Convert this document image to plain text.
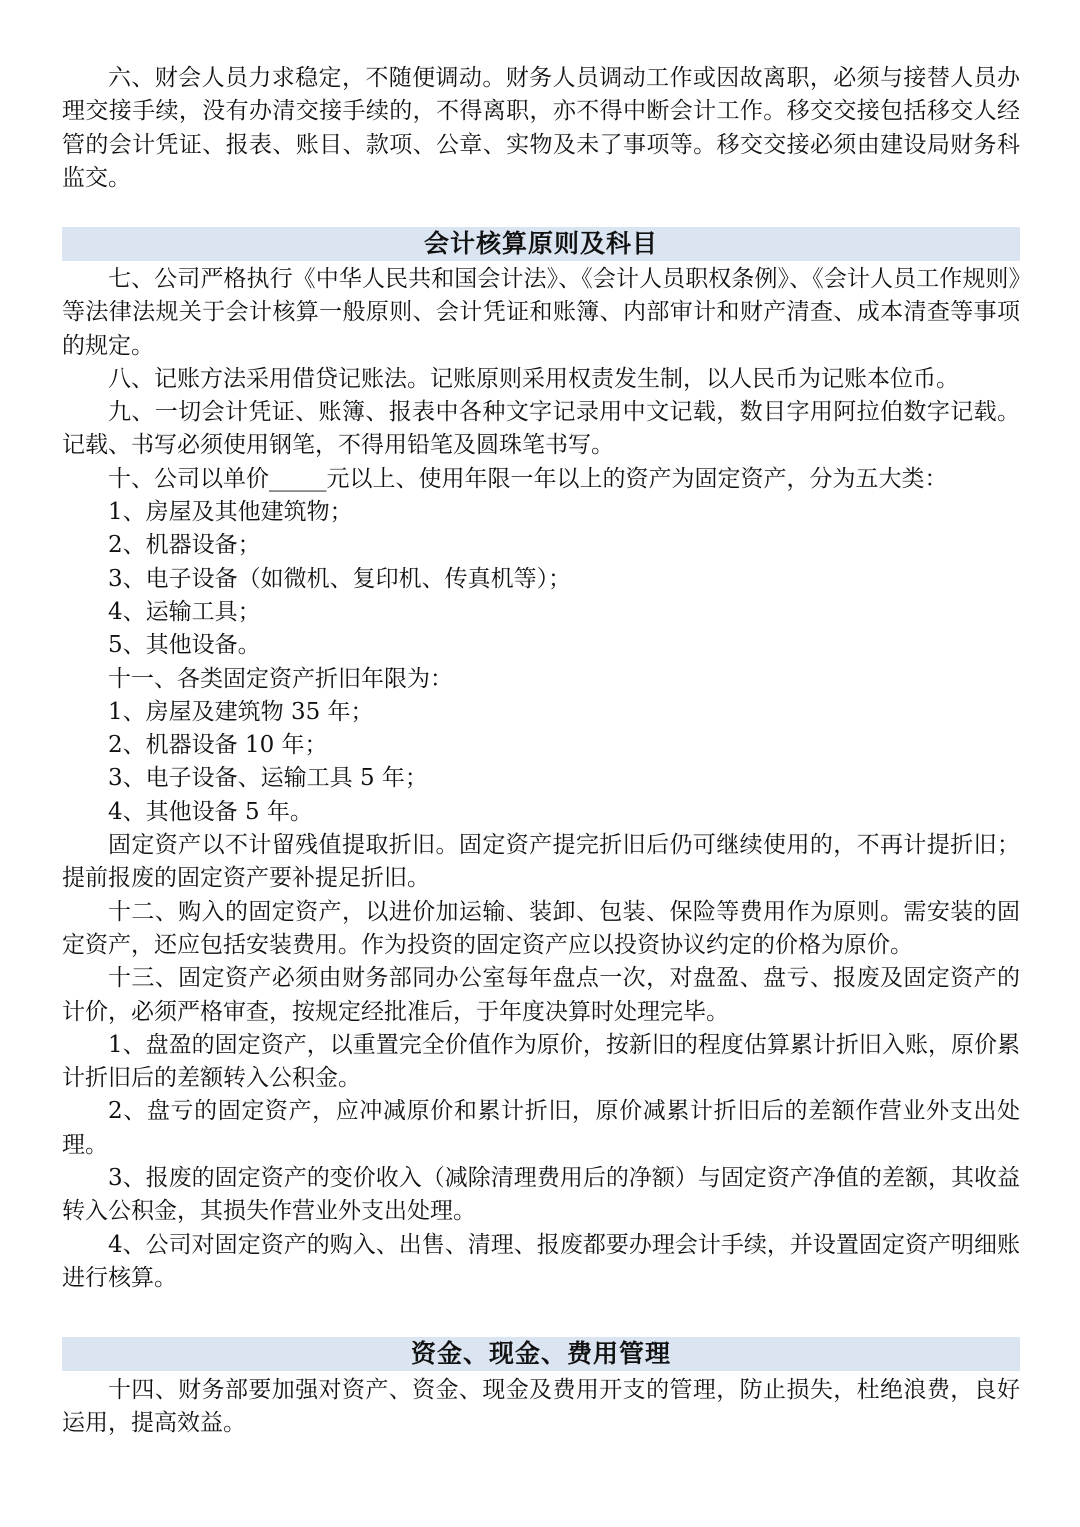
六、财会人员力求稳定，不随便调动。财务人员调动工作或因故离职，必须与接替人员办理交接手续，没有办清交接手续的，不得离职，亦不得中断会计工作。移交交接包括移交人经管的会计凭证、报表、账目、款项、公章、实物及未了事项等。移交交接必须由建设局财务科监交。

会计核算原则及科目

七、公司严格执行《中华人民共和国会计法》、《会计人员职权条例》、《会计人员工作规则》等法律法规关于会计核算一般原则、会计凭证和账簿、内部审计和财产清查、成本清查等事项的规定。

八、记账方法采用借贷记账法。记账原则采用权责发生制，以人民币为记账本位币。

九、一切会计凭证、账簿、报表中各种文字记录用中文记载，数目字用阿拉伯数字记载。记载、书写必须使用钢笔，不得用铅笔及圆珠笔书写。

十、公司以单价_____元以上、使用年限一年以上的资产为固定资产，分为五大类：

1、房屋及其他建筑物；

2、机器设备；

3、电子设备（如微机、复印机、传真机等）；

4、运输工具；

5、其他设备。

十一、各类固定资产折旧年限为：

1、房屋及建筑物 35 年；

2、机器设备 10 年；

3、电子设备、运输工具 5 年；

4、其他设备 5 年。

固定资产以不计留残值提取折旧。固定资产提完折旧后仍可继续使用的，不再计提折旧；提前报废的固定资产要补提足折旧。

十二、购入的固定资产，以进价加运输、装卸、包装、保险等费用作为原则。需安装的固定资产，还应包括安装费用。作为投资的固定资产应以投资协议约定的价格为原价。

十三、固定资产必须由财务部同办公室每年盘点一次，对盘盈、盘亏、报废及固定资产的计价，必须严格审查，按规定经批准后，于年度决算时处理完毕。

1、盘盈的固定资产，以重置完全价值作为原价，按新旧的程度估算累计折旧入账，原价累计折旧后的差额转入公积金。

2、盘亏的固定资产，应冲减原价和累计折旧，原价减累计折旧后的差额作营业外支出处理。

3、报废的固定资产的变价收入（减除清理费用后的净额）与固定资产净值的差额，其收益转入公积金，其损失作营业外支出处理。

4、公司对固定资产的购入、出售、清理、报废都要办理会计手续，并设置固定资产明细账进行核算。

资金、现金、费用管理

十四、财务部要加强对资产、资金、现金及费用开支的管理，防止损失，杜绝浪费，良好运用，提高效益。
